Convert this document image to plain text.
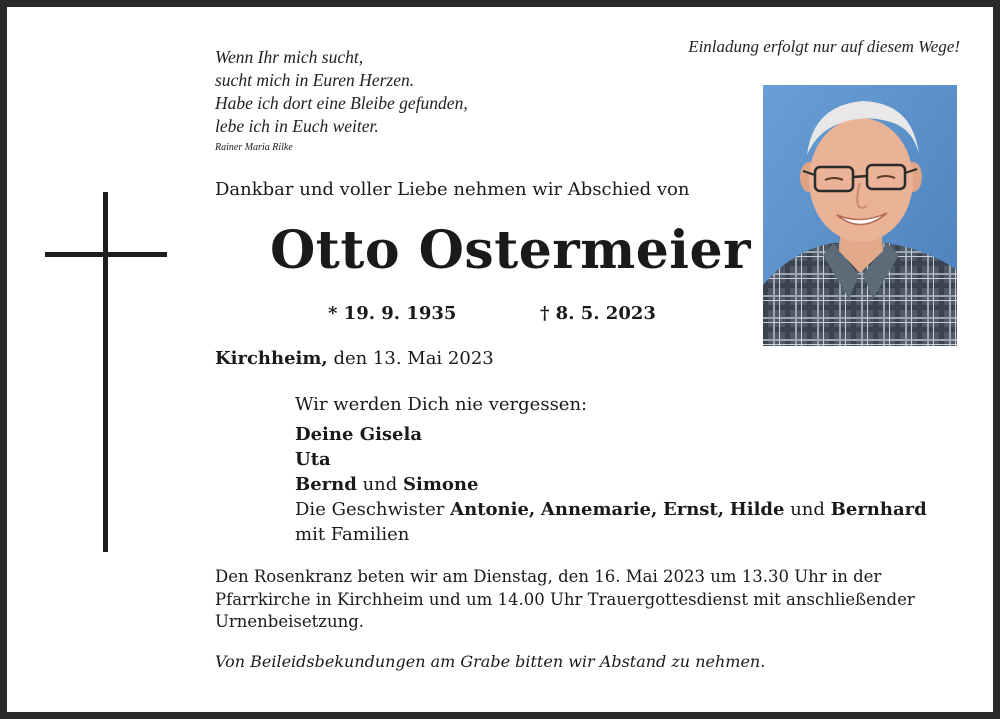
Wenn Ihr mich sucht,
sucht mich in Euren Herzen.
Habe ich dort eine Bleibe gefunden,
lebe ich in Euch weiter.
Rainer Maria Rilke
Einladung erfolgt nur auf diesem Wege!
Dankbar und voller Liebe nehmen wir Abschied von
Otto Ostermeier
* 19. 9. 1935	† 8. 5. 2023
Kirchheim, den 13. Mai 2023
Wir werden Dich nie vergessen:
Deine Gisela
Uta
Bernd und Simone
Die Geschwister Antonie, Annemarie, Ernst, Hilde und Bernhard
mit Familien
Den Rosenkranz beten wir am Dienstag, den 16. Mai 2023 um 13.30 Uhr in der Pfarrkirche in Kirchheim und um 14.00 Uhr Trauergottesdienst mit anschließender Urnenbeisetzung.
Von Beileidsbekundungen am Grabe bitten wir Abstand zu nehmen.
